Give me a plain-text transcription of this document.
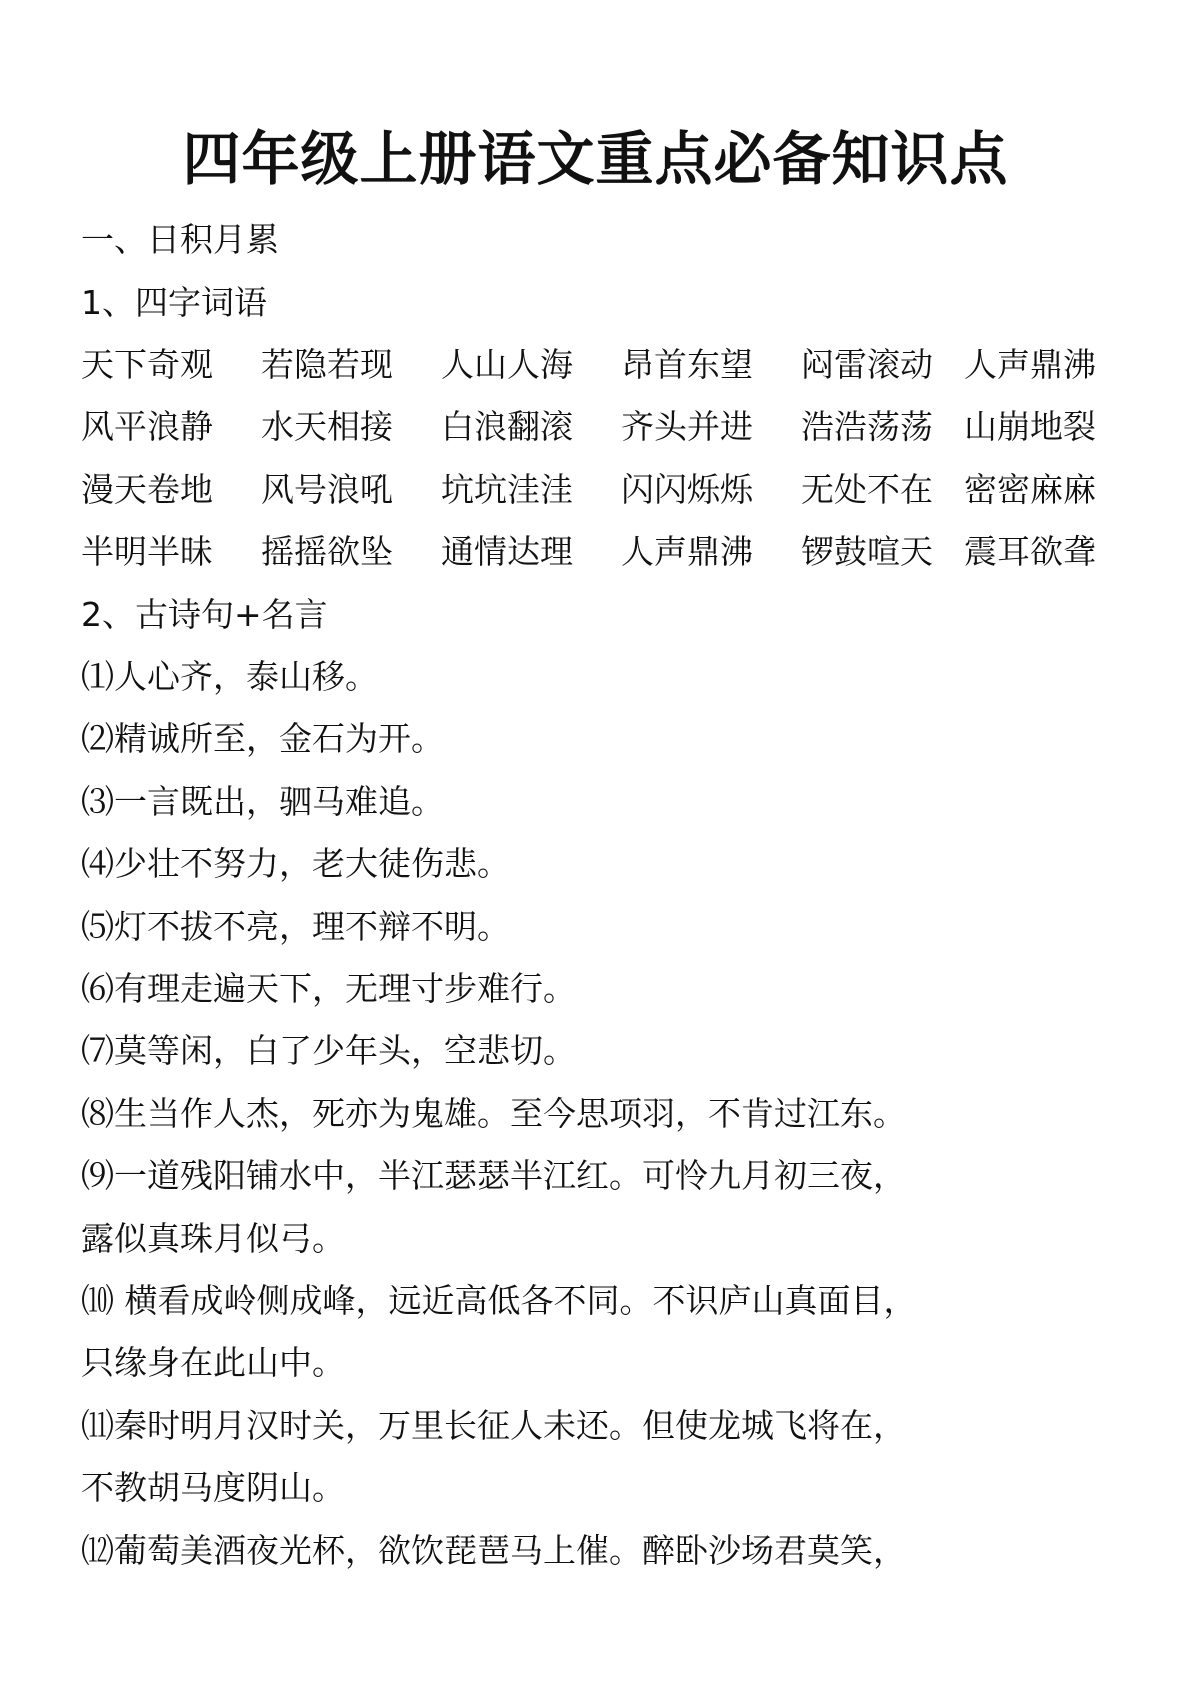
四年级上册语文重点必备知识点
一、日积月累
1、四字词语
天下奇观 若隐若现 人山人海 昂首东望 闷雷滚动 人声鼎沸
风平浪静 水天相接 白浪翻滚 齐头并进 浩浩荡荡 山崩地裂
漫天卷地 风号浪吼 坑坑洼洼 闪闪烁烁 无处不在 密密麻麻
半明半昧 摇摇欲坠 通情达理 人声鼎沸 锣鼓喧天 震耳欲聋
2、古诗句+名言
⑴人心齐，泰山移。
⑵精诚所至，金石为开。
⑶一言既出，驷马难追。
⑷少壮不努力，老大徒伤悲。
⑸灯不拔不亮，理不辩不明。
⑹有理走遍天下，无理寸步难行。
⑺莫等闲，白了少年头，空悲切。
⑻生当作人杰，死亦为鬼雄。至今思项羽，不肯过江东。
⑼一道残阳铺水中，半江瑟瑟半江红。可怜九月初三夜，
露似真珠月似弓。
⑽ 横看成岭侧成峰，远近高低各不同。不识庐山真面目，
只缘身在此山中。
⑾秦时明月汉时关，万里长征人未还。但使龙城飞将在，
不教胡马度阴山。
⑿葡萄美酒夜光杯，欲饮琵琶马上催。醉卧沙场君莫笑，
